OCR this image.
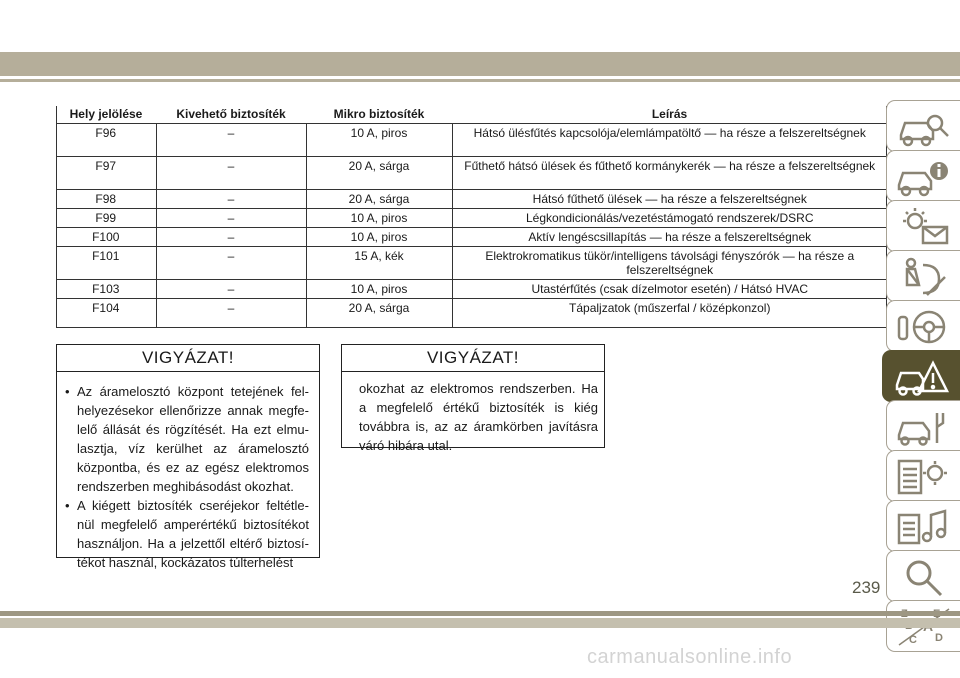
Hely jelölése	Kivehető biztosíték	Mikro biztosíték	Leírás
F96	–	10 A, piros	Hátsó ülésfűtés kapcsolója/elemlámpatöltő — ha része a felszereltségnek
F97	–	20 A, sárga	Fűthető hátsó ülések és fűthető kormánykerék — ha része a felszereltségnek
F98	–	20 A, sárga	Hátsó fűthető ülések — ha része a felszereltségnek
F99	–	10 A, piros	Légkondicionálás/vezetéstámogató rendszerek/DSRC
F100	–	10 A, piros	Aktív lengéscsillapítás — ha része a felszereltségnek
F101	–	15 A, kék	Elektrokromatikus tükör/intelligens távolsági fényszórók — ha része a felszereltségnek
F103	–	10 A, piros	Utastérfűtés (csak dízelmotor esetén) / Hátsó HVAC
F104	–	20 A, sárga	Tápaljzatok (műszerfal / középkonzol)
VIGYÁZAT!
• Az áramelosztó központ tetejének fel-helyezésekor ellenőrizze annak megfe-lelő állását és rögzítését. Ha ezt elmu-lasztja, víz kerülhet az áramelosztó központba, és ez az egész elektromos rendszerben meghibásodást okozhat.
• A kiégett biztosíték cseréjekor feltétle-nül megfelelő amperértékű biztosítékot használjon. Ha a jelzettől eltérő biztosí-tékot használ, kockázatos túlterhelést
VIGYÁZAT!
okozhat az elektromos rendszerben. Ha a megfelelő értékű biztosíték is kiég továbbra is, az az áramkörben javításra váró hibára utal.
C D
239
carmanualsonline.info
